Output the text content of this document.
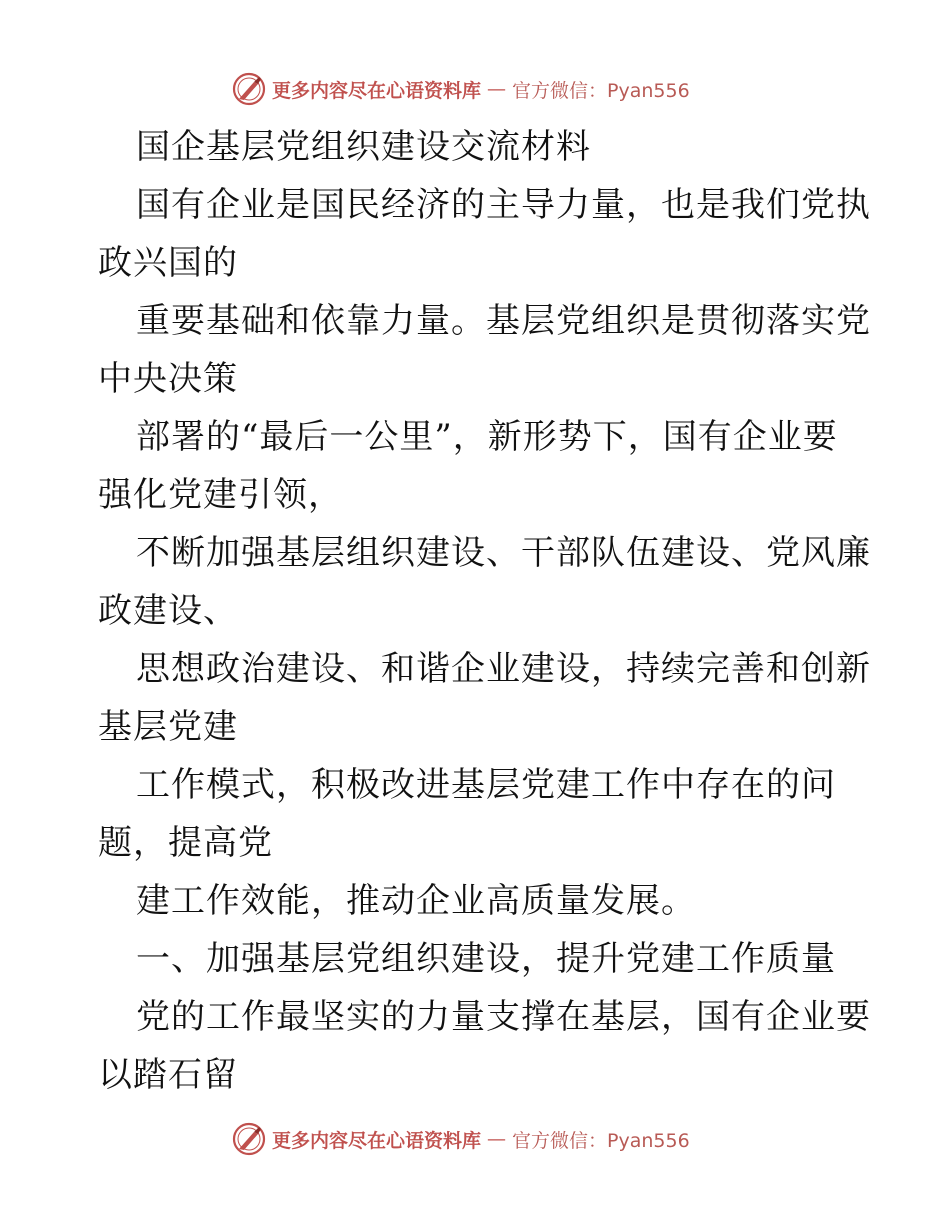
更多内容尽在心语资料库 — 官方微信：Pyan556
国企基层党组织建设交流材料
国有企业是国民经济的主导力量，也是我们党执
政兴国的
重要基础和依靠力量。基层党组织是贯彻落实党
中央决策
部署的“最后一公里”，新形势下，国有企业要
强化党建引领，
不断加强基层组织建设、干部队伍建设、党风廉
政建设、
思想政治建设、和谐企业建设，持续完善和创新
基层党建
工作模式，积极改进基层党建工作中存在的问
题，提高党
建工作效能，推动企业高质量发展。
一、加强基层党组织建设，提升党建工作质量
党的工作最坚实的力量支撑在基层，国有企业要
以踏石留
更多内容尽在心语资料库 — 官方微信：Pyan556
